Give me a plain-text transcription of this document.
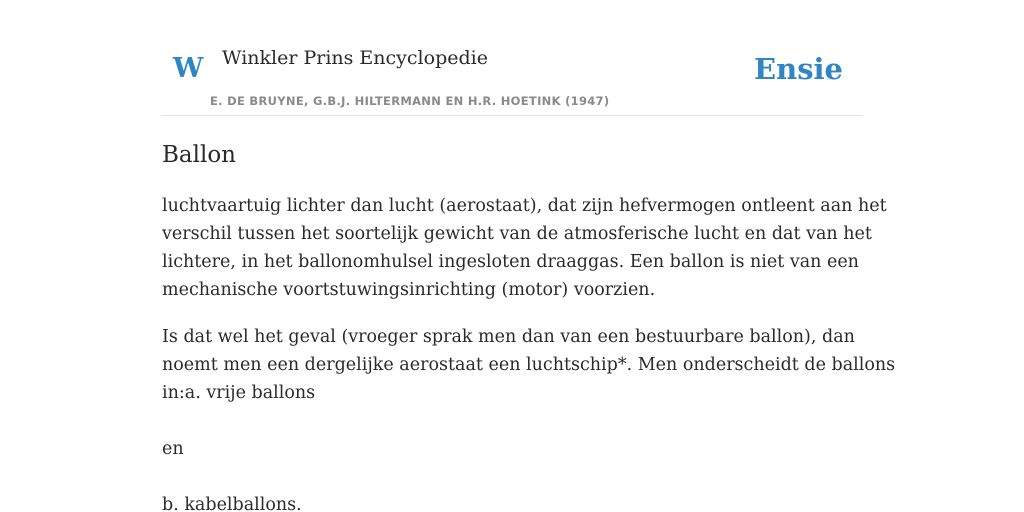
W Winkler Prins Encyclopedie
E. DE BRUYNE, G.B.J. HILTERMANN EN H.R. HOETINK (1947)
Ensie
Ballon

luchtvaartuig lichter dan lucht (aerostaat), dat zijn hefvermogen ontleent aan het
verschil tussen het soortelijk gewicht van de atmosferische lucht en dat van het
lichtere, in het ballonomhulsel ingesloten draaggas. Een ballon is niet van een
mechanische voortstuwingsinrichting (motor) voorzien.

Is dat wel het geval (vroeger sprak men dan van een bestuurbare ballon), dan
noemt men een dergelijke aerostaat een luchtschip*. Men onderscheidt de ballons
in:a. vrije ballons

en

b. kabelballons.
